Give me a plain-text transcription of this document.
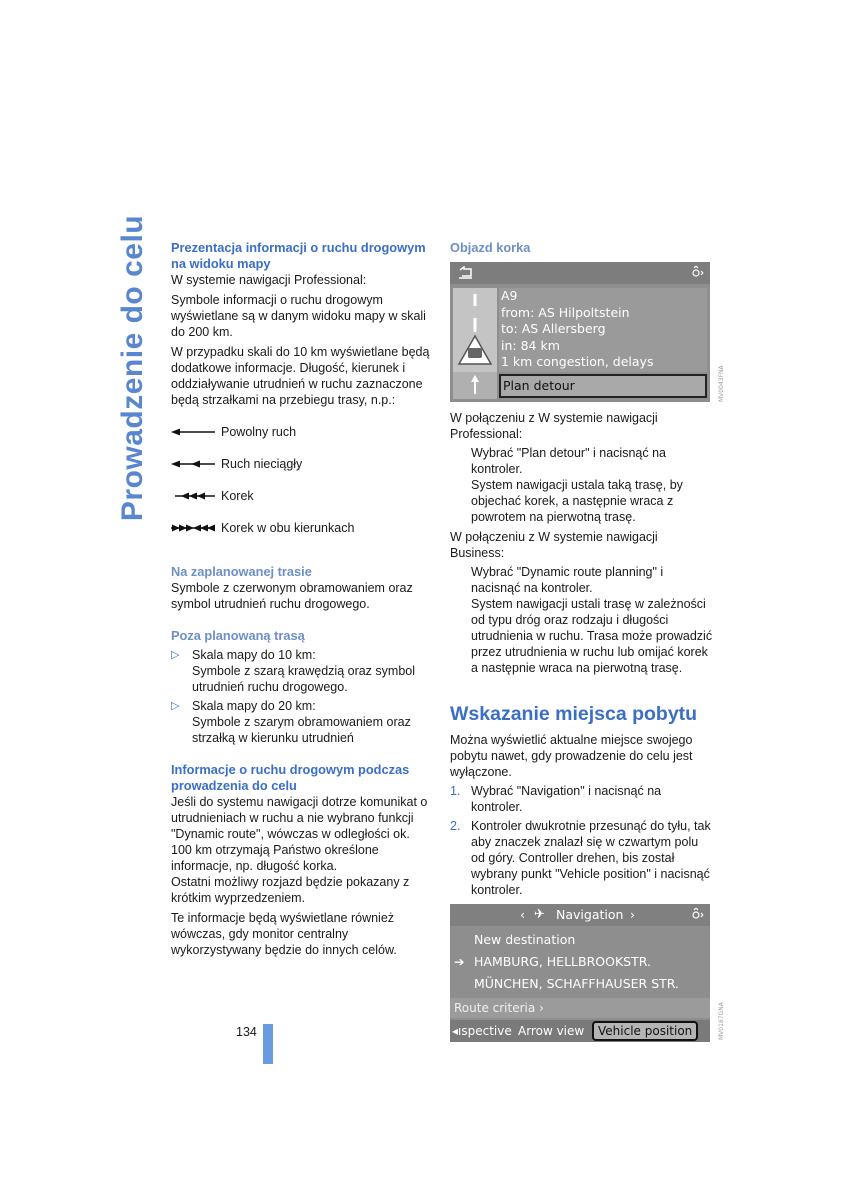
Prowadzenie do celu Prezentacja informacji o ruchu drogowym na widoku mapy

W systemie nawigacji Professional:

Symbole informacji o ruchu drogowym wyświetlane są w danym widoku mapy w skali do 200 km.

W przypadku skali do 10 km wyświetlane będą dodatkowe informacje. Długość, kierunek i oddziaływanie utrudnień w ruchu zaznaczone będą strzałkami na przebiegu trasy, n.p.:

Powolny ruch
Ruch nieciągły
Korek
Korek w obu kierunkach
Na zaplanowanej trasie

Symbole z czerwonym obramowaniem oraz symbol utrudnień ruchu drogowego.

Poza planowaną trasą
▷	Skala mapy do 10 km:
Symbole z szarą krawędzią oraz symbol utrudnień ruchu drogowego.
▷	Skala mapy do 20 km:
Symbole z szarym obramowaniem oraz strzałką w kierunku utrudnień
Informacje o ruchu drogowym podczas prowadzenia do celu

Jeśli do systemu nawigacji dotrze komunikat o utrudnieniach w ruchu a nie wybrano funkcji "Dynamic route", wówczas w odległości ok. 100 km otrzymają Państwo określone informacje, np. długość korka.

Ostatni możliwy rozjazd będzie pokazany z krótkim wyprzedzeniem.

Te informacje będą wyświetlane również wówczas, gdy monitor centralny wykorzystywany będzie do innych celów.

Objazd korka
A9
from: AS Hilpoltstein
to: AS Allersberg
in: 84 km
1 km congestion, delays
Plan detour	MV0043FNA

W połączeniu z W systemie nawigacji Professional:

Wybrać "Plan detour" i nacisnąć na kontroler.

System nawigacji ustala taką trasę, by objechać korek, a następnie wraca z powrotem na pierwotną trasę.

W połączeniu z W systemie nawigacji Business:

Wybrać "Dynamic route planning" i nacisnąć na kontroler.

System nawigacji ustali trasę w zależności od typu dróg oraz rodzaju i długości utrudnienia w ruchu. Trasa może prowadzić przez utrudnienia w ruchu lub omijać korek a następnie wraca na pierwotną trasę.

Wskazanie miejsca pobytu

Można wyświetlić aktualne miejsce swojego pobytu nawet, gdy prowadzenie do celu jest wyłączone.

1. Wybrać "Navigation" i nacisnąć na kontroler.
2. Kontroler dwukrotnie przesunąć do tyłu, tak aby znaczek znalazł się w czwartym polu od góry. Controller drehen, bis został wybrany punkt "Vehicle position" i nacisnąć kontroler.
‹ ✈ Navigation ›
New destination
➔ HAMBURG, HELLBROOKSTR.
MÜNCHEN, SCHAFFHAUSER STR.
Route criteria ›
◂ıspective Arrow view	Vehicle position	MV0187GNA
134
